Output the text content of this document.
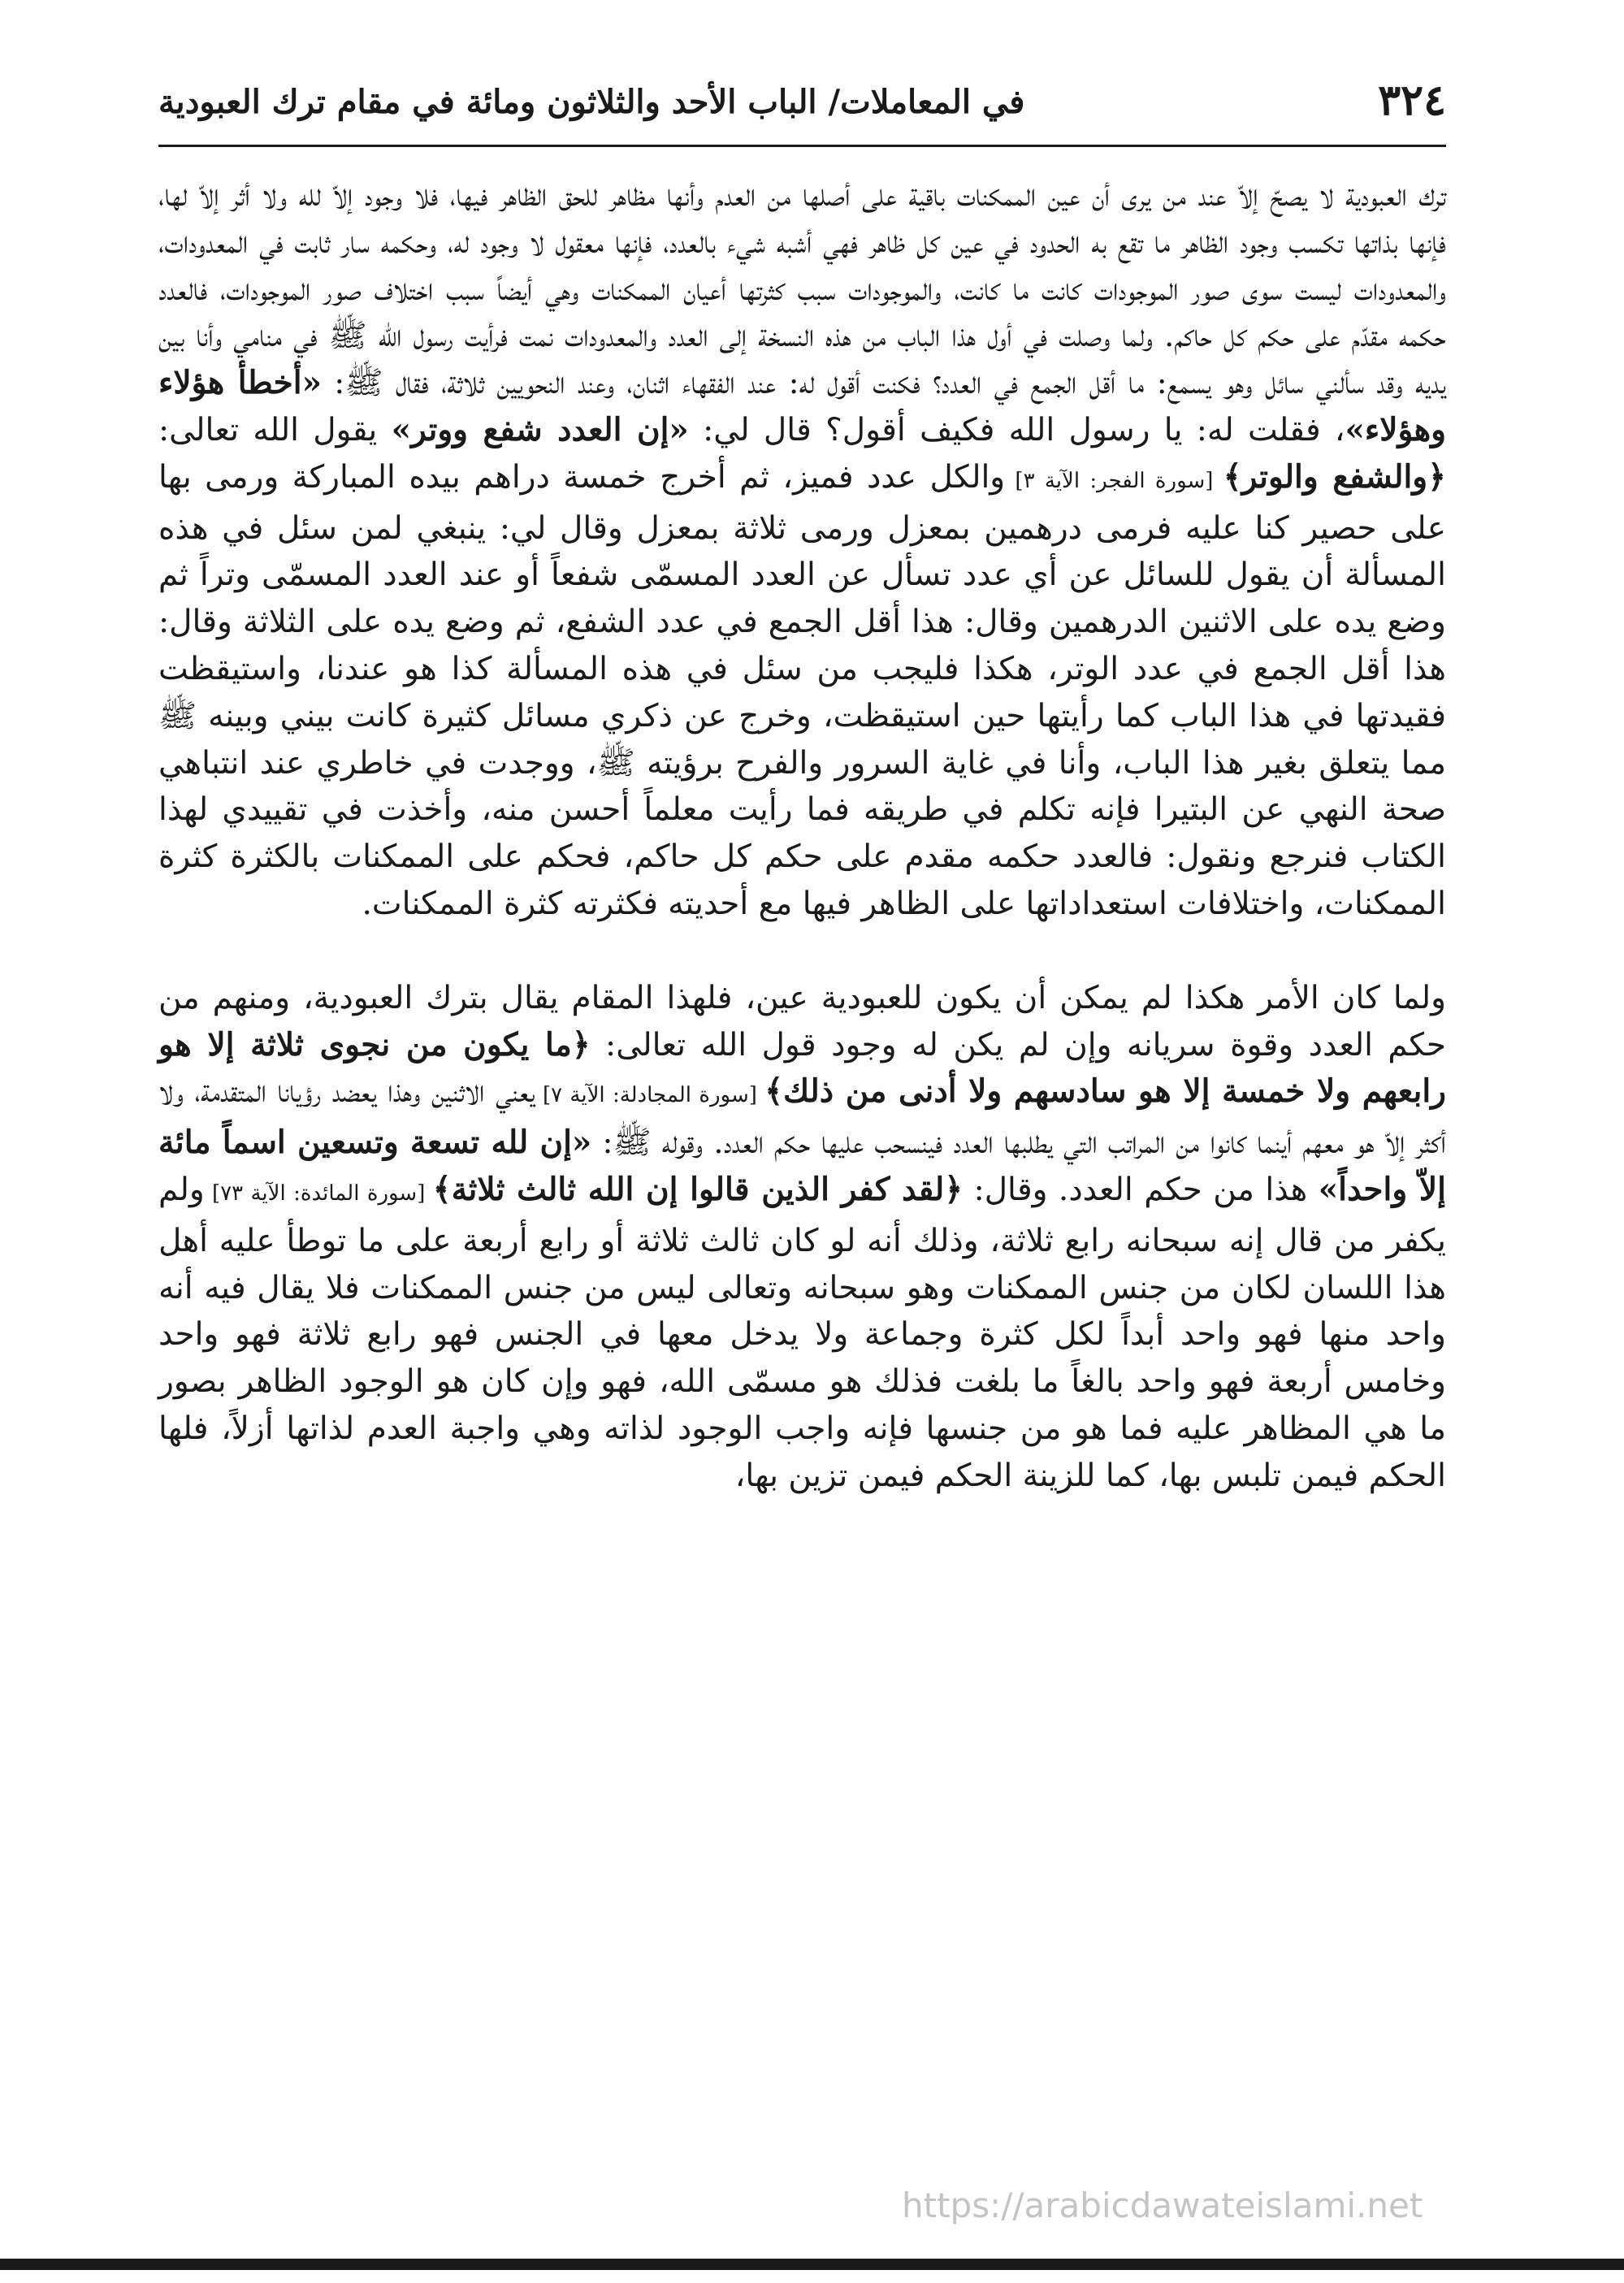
٣٢٤
في المعاملات/ الباب الأحد والثلاثون ومائة في مقام ترك العبودية

ترك العبودية لا يصحّ إلاّ عند من يرى أن عين الممكنات باقية على أصلها من العدم وأنها مظاهر للحق الظاهر فيها، فلا وجود إلاّ لله ولا أثر إلاّ لها، فإنها بذاتها تكسب وجود الظاهر ما تقع به الحدود في عين كل ظاهر فهي أشبه شيء بالعدد، فإنها معقول لا وجود له، وحكمه سار ثابت في المعدودات، والمعدودات ليست سوى صور الموجودات كانت ما كانت، والموجودات سبب كثرتها أعيان الممكنات وهي أيضاً سبب اختلاف صور الموجودات، فالعدد حكمه مقدّم على حكم كل حاكم. ولما وصلت في أول هذا الباب من هذه النسخة إلى العدد والمعدودات نمت فرأيت رسول الله ﷺ في منامي وأنا بين يديه وقد سألني سائل وهو يسمع: ما أقل الجمع في العدد؟ فكنت أقول له: عند الفقهاء اثنان، وعند النحويين ثلاثة، فقال ﷺ: «أخطأ هؤلاء وهؤلاء»، فقلت له: يا رسول الله فكيف أقول؟ قال لي: «إن العدد شفع ووتر» يقول الله تعالى: ﴿والشفع والوتر﴾ [سورة الفجر: الآية ٣] والكل عدد فميز، ثم أخرج خمسة دراهم بيده المباركة ورمى بها على حصير كنا عليه فرمى درهمين بمعزل ورمى ثلاثة بمعزل وقال لي: ينبغي لمن سئل في هذه المسألة أن يقول للسائل عن أي عدد تسأل عن العدد المسمّى شفعاً أو عند العدد المسمّى وتراً ثم وضع يده على الاثنين الدرهمين وقال: هذا أقل الجمع في عدد الشفع، ثم وضع يده على الثلاثة وقال: هذا أقل الجمع في عدد الوتر، هكذا فليجب من سئل في هذه المسألة كذا هو عندنا، واستيقظت فقيدتها في هذا الباب كما رأيتها حين استيقظت، وخرج عن ذكري مسائل كثيرة كانت بيني وبينه ﷺ مما يتعلق بغير هذا الباب، وأنا في غاية السرور والفرح برؤيته ﷺ، ووجدت في خاطري عند انتباهي صحة النهي عن البتيرا فإنه تكلم في طريقه فما رأيت معلماً أحسن منه، وأخذت في تقييدي لهذا الكتاب فنرجع ونقول: فالعدد حكمه مقدم على حكم كل حاكم، فحكم على الممكنات بالكثرة كثرة الممكنات، واختلافات استعداداتها على الظاهر فيها مع أحديته فكثرته كثرة الممكنات.

ولما كان الأمر هكذا لم يمكن أن يكون للعبودية عين، فلهذا المقام يقال بترك العبودية، ومنهم من حكم العدد وقوة سريانه وإن لم يكن له وجود قول الله تعالى: ﴿ما يكون من نجوى ثلاثة إلا هو رابعهم ولا خمسة إلا هو سادسهم ولا أدنى من ذلك﴾ [سورة المجادلة: الآية ٧] يعني الاثنين وهذا يعضد رؤيانا المتقدمة، ولا أكثر إلاّ هو معهم أينما كانوا من المراتب التي يطلبها العدد فينسحب عليها حكم العدد. وقوله ﷺ: «إن لله تسعة وتسعين اسماً مائة إلاّ واحداً» هذا من حكم العدد. وقال: ﴿لقد كفر الذين قالوا إن الله ثالث ثلاثة﴾ [سورة المائدة: الآية ٧٣] ولم يكفر من قال إنه سبحانه رابع ثلاثة، وذلك أنه لو كان ثالث ثلاثة أو رابع أربعة على ما توطأ عليه أهل هذا اللسان لكان من جنس الممكنات وهو سبحانه وتعالى ليس من جنس الممكنات فلا يقال فيه أنه واحد منها فهو واحد أبداً لكل كثرة وجماعة ولا يدخل معها في الجنس فهو رابع ثلاثة فهو واحد وخامس أربعة فهو واحد بالغاً ما بلغت فذلك هو مسمّى الله، فهو وإن كان هو الوجود الظاهر بصور ما هي المظاهر عليه فما هو من جنسها فإنه واجب الوجود لذاته وهي واجبة العدم لذاتها أزلاً، فلها الحكم فيمن تلبس بها، كما للزينة الحكم فيمن تزين بها،

https://arabicdawateislami.net
